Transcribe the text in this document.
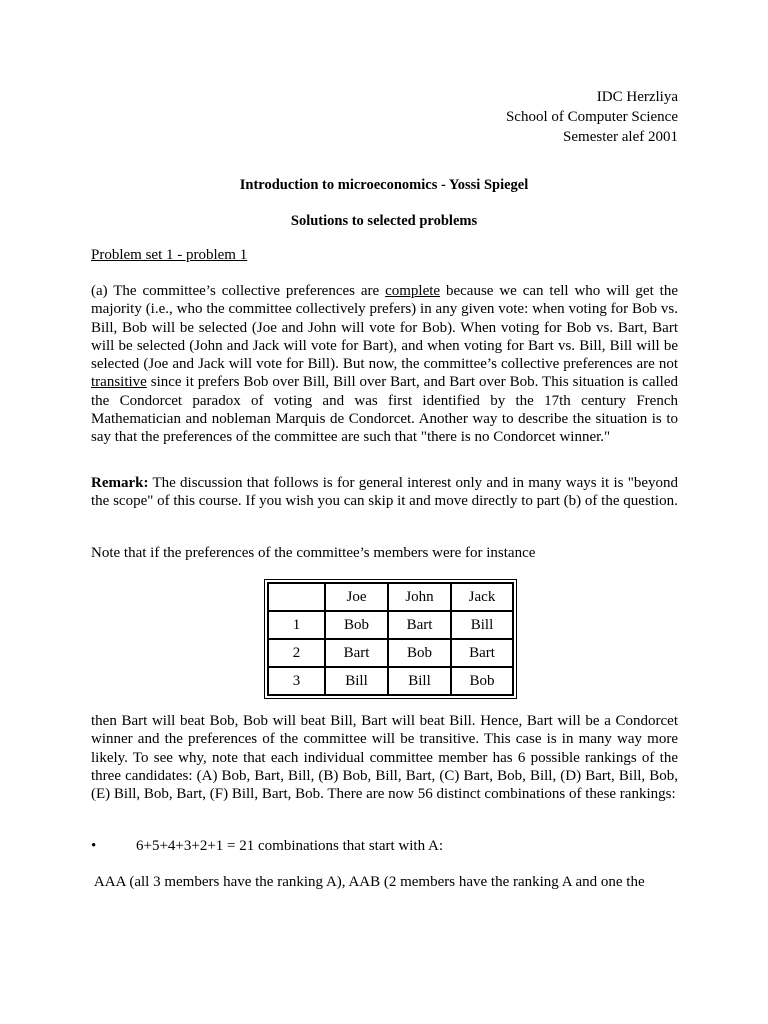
IDC Herzliya
School of Computer Science
Semester alef 2001
Introduction to microeconomics - Yossi Spiegel
Solutions to selected problems
Problem set 1 - problem 1
(a) The committee’s collective preferences are complete because we can tell who will get the majority (i.e., who the committee collectively prefers) in any given vote: when voting for Bob vs. Bill, Bob will be selected (Joe and John will vote for Bob). When voting for Bob vs. Bart, Bart will be selected (John and Jack will vote for Bart), and when voting for Bart vs. Bill, Bill will be selected (Joe and Jack will vote for Bill). But now, the committee’s collective preferences are not transitive since it prefers Bob over Bill, Bill over Bart, and Bart over Bob. This situation is called the Condorcet paradox of voting and was first identified by the 17th century French Mathematician and nobleman Marquis de Condorcet. Another way to describe the situation is to say that the preferences of the committee are such that "there is no Condorcet winner."
Remark: The discussion that follows is for general interest only and in many ways it is "beyond the scope" of this course. If you wish you can skip it and move directly to part (b) of the question.
Note that if the preferences of the committee’s members were for instance
	Joe	John	Jack
1	Bob	Bart	Bill
2	Bart	Bob	Bart
3	Bill	Bill	Bob
then Bart will beat Bob, Bob will beat Bill, Bart will beat Bill. Hence, Bart will be a Condorcet winner and the preferences of the committee will be transitive. This case is in many way more likely. To see why, note that each individual committee member has 6 possible rankings of the three candidates: (A) Bob, Bart, Bill, (B) Bob, Bill, Bart, (C) Bart, Bob, Bill, (D) Bart, Bill, Bob, (E) Bill, Bob, Bart, (F) Bill, Bart, Bob. There are now 56 distinct combinations of these rankings:
•	6+5+4+3+2+1 = 21 combinations that start with A:
AAA (all 3 members have the ranking A), AAB (2 members have the ranking A and one the
